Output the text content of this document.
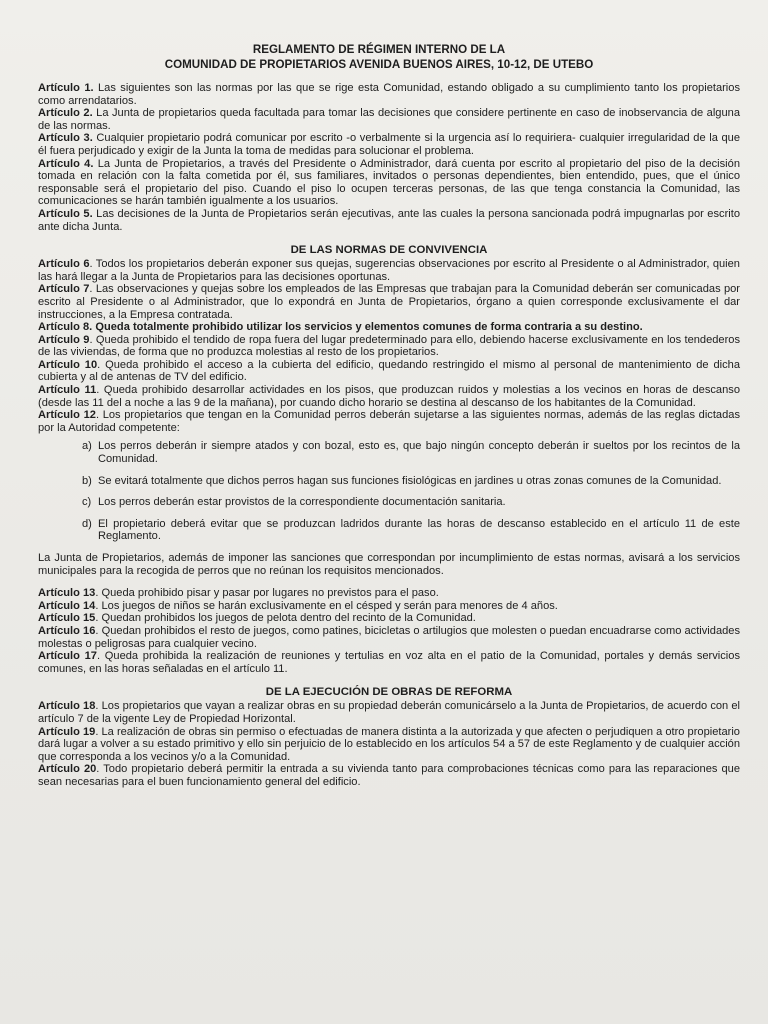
REGLAMENTO DE RÉGIMEN INTERNO DE LA
COMUNIDAD DE PROPIETARIOS AVENIDA BUENOS AIRES, 10-12, DE UTEBO

Artículo 1. Las siguientes son las normas por las que se rige esta Comunidad, estando obligado a su cumplimiento tanto los propietarios como arrendatarios.

Artículo 2. La Junta de propietarios queda facultada para tomar las decisiones que considere pertinente en caso de inobservancia de alguna de las normas.

Artículo 3. Cualquier propietario podrá comunicar por escrito -o verbalmente si la urgencia así lo requiriera- cualquier irregularidad de la que él fuera perjudicado y exigir de la Junta la toma de medidas para solucionar el problema.

Artículo 4. La Junta de Propietarios, a través del Presidente o Administrador, dará cuenta por escrito al propietario del piso de la decisión tomada en relación con la falta cometida por él, sus familiares, invitados o personas dependientes, bien entendido, pues, que el único responsable será el propietario del piso. Cuando el piso lo ocupen terceras personas, de las que tenga constancia la Comunidad, las comunicaciones se harán también igualmente a los usuarios.

Artículo 5. Las decisiones de la Junta de Propietarios serán ejecutivas, ante las cuales la persona sancionada podrá impugnarlas por escrito ante dicha Junta.

DE LAS NORMAS DE CONVIVENCIA

Artículo 6. Todos los propietarios deberán exponer sus quejas, sugerencias observaciones por escrito al Presidente o al Administrador, quien las hará llegar a la Junta de Propietarios para las decisiones oportunas.

Artículo 7. Las observaciones y quejas sobre los empleados de las Empresas que trabajan para la Comunidad deberán ser comunicadas por escrito al Presidente o al Administrador, que lo expondrá en Junta de Propietarios, órgano a quien corresponde exclusivamente el dar instrucciones, a la Empresa contratada.

Artículo 8. Queda totalmente prohibido utilizar los servicios y elementos comunes de forma contraria a su destino.

Artículo 9. Queda prohibido el tendido de ropa fuera del lugar predeterminado para ello, debiendo hacerse exclusivamente en los tendederos de las viviendas, de forma que no produzca molestias al resto de los propietarios.

Artículo 10. Queda prohibido el acceso a la cubierta del edificio, quedando restringido el mismo al personal de mantenimiento de dicha cubierta y al de antenas de TV del edificio.

Artículo 11. Queda prohibido desarrollar actividades en los pisos, que produzcan ruidos y molestias a los vecinos en horas de descanso (desde las 11 del a noche a las 9 de la mañana), por cuando dicho horario se destina al descanso de los habitantes de la Comunidad.

Artículo 12. Los propietarios que tengan en la Comunidad perros deberán sujetarse a las siguientes normas, además de las reglas dictadas por la Autoridad competente:

a) Los perros deberán ir siempre atados y con bozal, esto es, que bajo ningún concepto deberán ir sueltos por los recintos de la Comunidad.
b) Se evitará totalmente que dichos perros hagan sus funciones fisiológicas en jardines u otras zonas comunes de la Comunidad.
c) Los perros deberán estar provistos de la correspondiente documentación sanitaria.
d) El propietario deberá evitar que se produzcan ladridos durante las horas de descanso establecido en el artículo 11 de este Reglamento.

La Junta de Propietarios, además de imponer las sanciones que correspondan por incumplimiento de estas normas, avisará a los servicios municipales para la recogida de perros que no reúnan los requisitos mencionados.

Artículo 13. Queda prohibido pisar y pasar por lugares no previstos para el paso.

Artículo 14. Los juegos de niños se harán exclusivamente en el césped y serán para menores de 4 años.

Artículo 15. Quedan prohibidos los juegos de pelota dentro del recinto de la Comunidad.

Artículo 16. Quedan prohibidos el resto de juegos, como patines, bicicletas o artilugios que molesten o puedan encuadrarse como actividades molestas o peligrosas para cualquier vecino.

Artículo 17. Queda prohibida la realización de reuniones y tertulias en voz alta en el patio de la Comunidad, portales y demás servicios comunes, en las horas señaladas en el artículo 11.

DE LA EJECUCIÓN DE OBRAS DE REFORMA

Artículo 18. Los propietarios que vayan a realizar obras en su propiedad deberán comunicárselo a la Junta de Propietarios, de acuerdo con el artículo 7 de la vigente Ley de Propiedad Horizontal.

Artículo 19. La realización de obras sin permiso o efectuadas de manera distinta a la autorizada y que afecten o perjudiquen a otro propietario dará lugar a volver a su estado primitivo y ello sin perjuicio de lo establecido en los artículos 54 a 57 de este Reglamento y de cualquier acción que corresponda a los vecinos y/o a la Comunidad.

Artículo 20. Todo propietario deberá permitir la entrada a su vivienda tanto para comprobaciones técnicas como para las reparaciones que sean necesarias para el buen funcionamiento general del edificio.
